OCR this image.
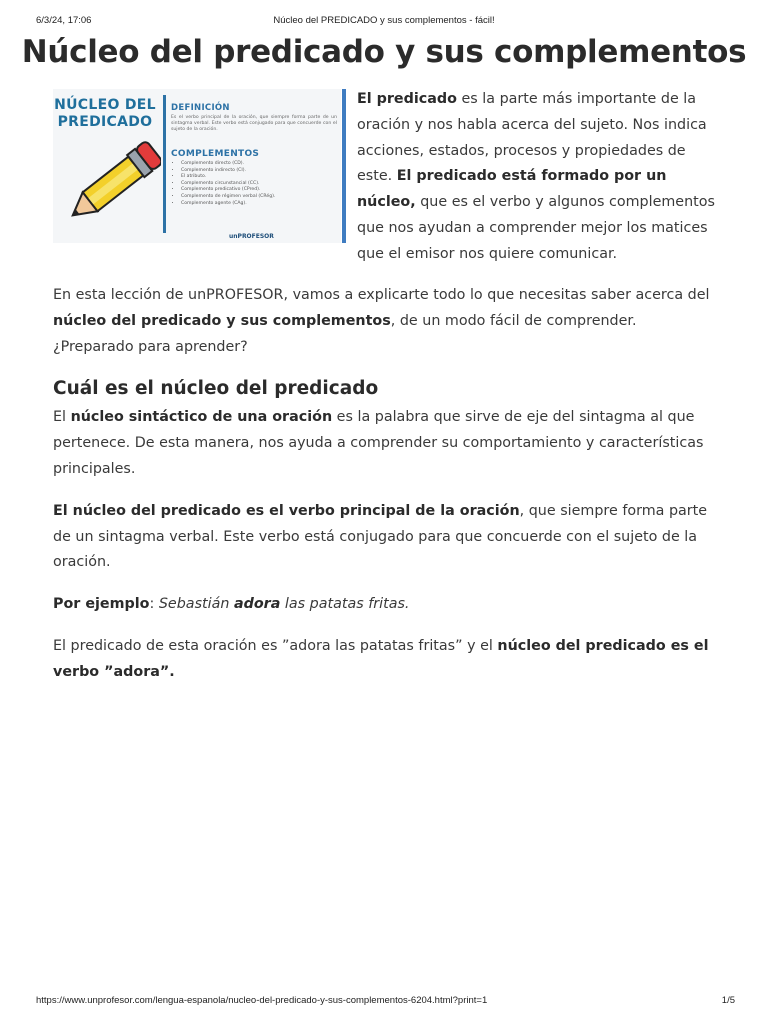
6/3/24, 17:06	Núcleo del PREDICADO y sus complementos - fácil!
Núcleo del predicado y sus complementos
NÚCLEO DEL
PREDICADO
DEFINICIÓN
Es el verbo principal de la oración, que siempre forma parte de un sintagma verbal. Este verbo está conjugado para que concuerde con el sujeto de la oración.
COMPLEMENTOS
• Complemento directo (CD).
• Complemento indirecto (CI).
• El atributo.
• Complemento circunstancial (CC).
• Complemento predicativo (CPred).
• Complemento de régimen verbal (CRég).
• Complemento agente (CAg).
unPROFESOR
El predicado es la parte más importante de la oración y nos habla acerca del sujeto. Nos indica acciones, estados, procesos y propiedades de este. El predicado está formado por un núcleo, que es el verbo y algunos complementos que nos ayudan a comprender mejor los matices que el emisor nos quiere comunicar.

En esta lección de unPROFESOR, vamos a explicarte todo lo que necesitas saber acerca del núcleo del predicado y sus complementos, de un modo fácil de comprender. ¿Preparado para aprender?

Cuál es el núcleo del predicado

El núcleo sintáctico de una oración es la palabra que sirve de eje del sintagma al que pertenece. De esta manera, nos ayuda a comprender su comportamiento y características principales.

El núcleo del predicado es el verbo principal de la oración, que siempre forma parte de un sintagma verbal. Este verbo está conjugado para que concuerde con el sujeto de la oración.

Por ejemplo: Sebastián adora las patatas fritas.

El predicado de esta oración es ”adora las patatas fritas” y el núcleo del predicado es el verbo ”adora”.

https://www.unprofesor.com/lengua-espanola/nucleo-del-predicado-y-sus-complementos-6204.html?print=1	1/5
